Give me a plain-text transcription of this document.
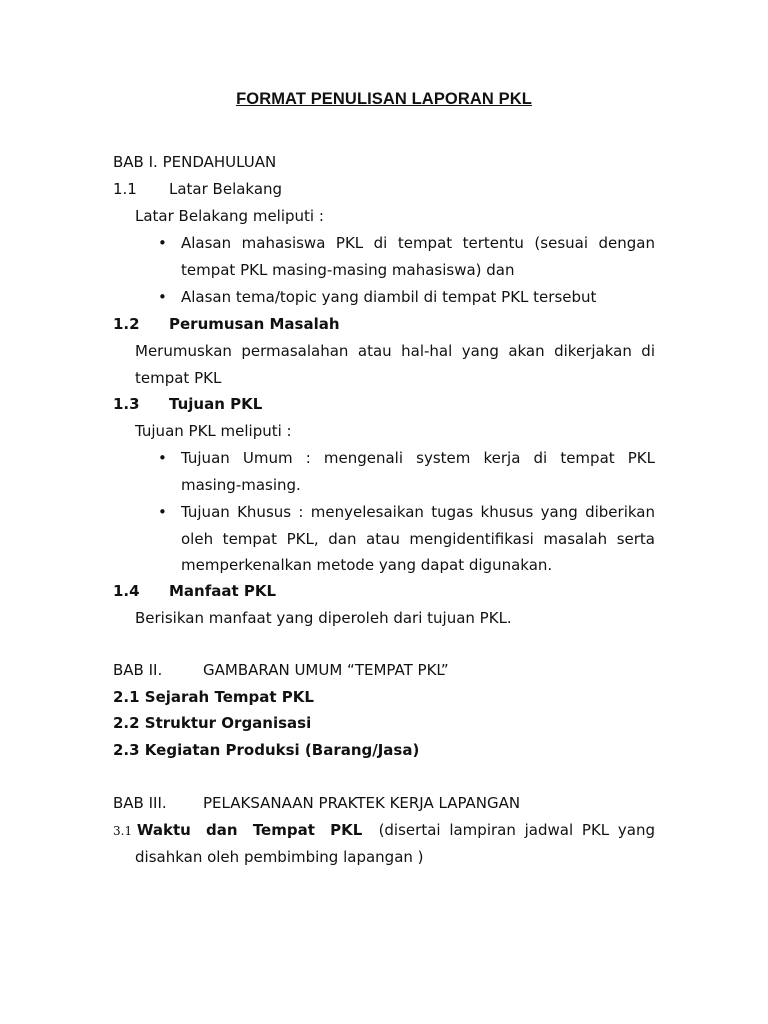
FORMAT PENULISAN LAPORAN PKL
BAB I. PENDAHULUAN
1.1 Latar Belakang
Latar Belakang meliputi :
• Alasan mahasiswa PKL di tempat tertentu (sesuai dengan
tempat PKL masing-masing mahasiswa) dan
• Alasan tema/topic yang diambil di tempat PKL tersebut
1.2 Perumusan Masalah
Merumuskan permasalahan atau hal-hal yang akan dikerjakan di
tempat PKL
1.3 Tujuan PKL
Tujuan PKL meliputi :
• Tujuan Umum : mengenali system kerja di tempat PKL
masing-masing.
• Tujuan Khusus : menyelesaikan tugas khusus yang diberikan
oleh tempat PKL, dan atau mengidentifikasi masalah serta
memperkenalkan metode yang dapat digunakan.
1.4 Manfaat PKL
Berisikan manfaat yang diperoleh dari tujuan PKL.
BAB II.	GAMBARAN UMUM “TEMPAT PKL”
2.1 Sejarah Tempat PKL
2.2 Struktur Organisasi
2.3 Kegiatan Produksi (Barang/Jasa)
BAB III. PELAKSANAAN PRAKTEK KERJA LAPANGAN
3.1 Waktu dan Tempat PKL (disertai lampiran jadwal PKL yang
disahkan oleh pembimbing lapangan )
